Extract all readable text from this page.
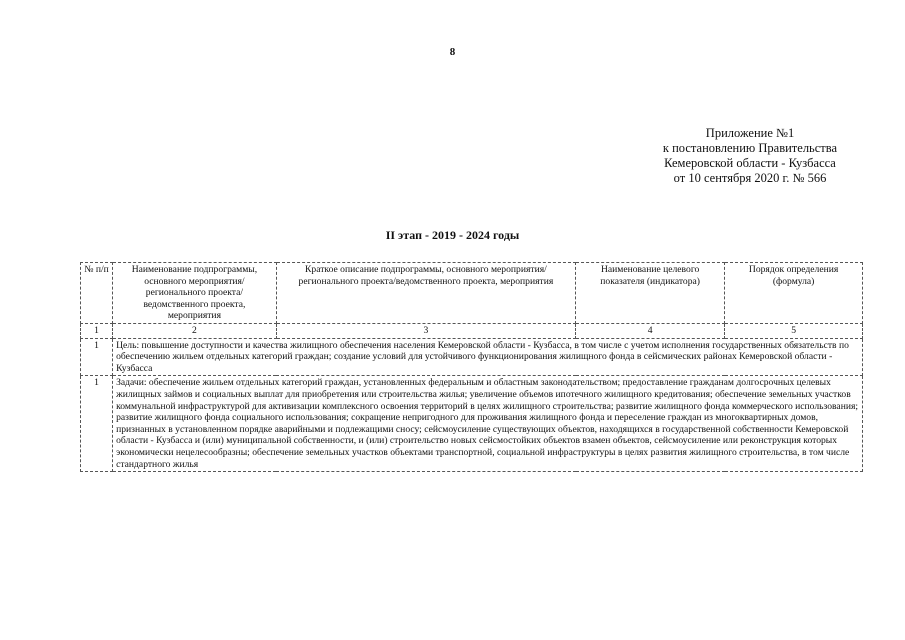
8
Приложение №1
к постановлению Правительства
Кемеровской области - Кузбасса
от 10 сентября 2020 г. № 566
II этап - 2019 - 2024 годы
№ п/п	Наименование подпрограммы, основного мероприятия/регионального проекта/ведомственного проекта, мероприятия	Краткое описание подпрограммы, основного мероприятия/регионального проекта/ведомственного проекта, мероприятия	Наименование целевого показателя (индикатора)	Порядок определения (формула)
1	2	3	4	5
1	Цель: повышение доступности и качества жилищного обеспечения населения Кемеровской области - Кузбасса, в том числе с учетом исполнения государственных обязательств по обеспечению жильем отдельных категорий граждан; создание условий для устойчивого функционирования жилищного фонда в сейсмических районах Кемеровской области - Кузбасса			
1	Задачи: обеспечение жильем отдельных категорий граждан, установленных федеральным и областным законодательством; предоставление гражданам долгосрочных целевых жилищных займов и социальных выплат для приобретения или строительства жилья; увеличение объемов ипотечного жилищного кредитования; обеспечение земельных участков коммунальной инфраструктурой для активизации комплексного освоения территорий в целях жилищного строительства; развитие жилищного фонда коммерческого использования; развитие жилищного фонда социального использования; сокращение непригодного для проживания жилищного фонда и переселение граждан из многоквартирных домов, признанных в установленном порядке аварийными и подлежащими сносу; сейсмоусиление существующих объектов, находящихся в государственной собственности Кемеровской области - Кузбасса и (или) муниципальной собственности, и (или) строительство новых сейсмостойких объектов взамен объектов, сейсмоусиление или реконструкция которых экономически нецелесообразны; обеспечение земельных участков объектами транспортной, социальной инфраструктуры в целях развития жилищного строительства, в том числе стандартного жилья			
